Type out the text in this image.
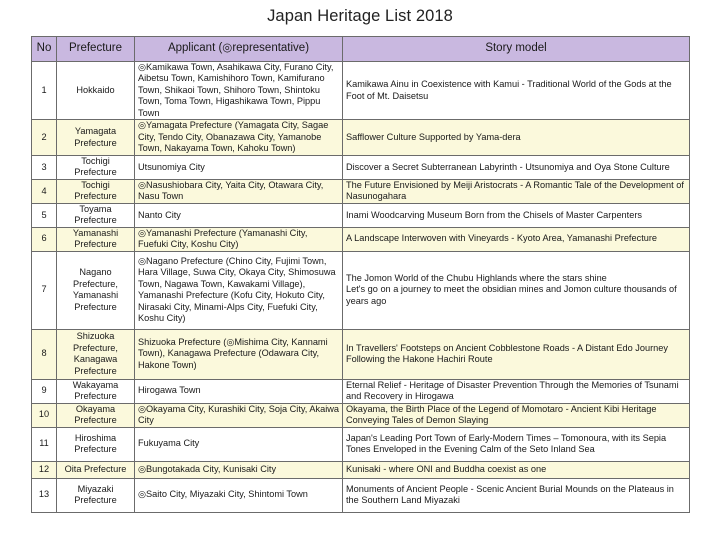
Japan Heritage List 2018
No	Prefecture	Applicant (◎representative)	Story model
1	Hokkaido	◎Kamikawa Town, Asahikawa City, Furano City, Aibetsu Town, Kamishihoro Town, Kamifurano Town, Shikaoi Town, Shihoro Town, Shintoku Town, Toma Town, Higashikawa Town, Pippu Town	Kamikawa Ainu in Coexistence with Kamui - Traditional World of the Gods at the Foot of Mt. Daisetsu

2	Yamagata Prefecture	◎Yamagata Prefecture (Yamagata City, Sagae City, Tendo City, Obanazawa City, Yamanobe Town, Nakayama Town, Kahoku Town)	Safflower Culture Supported by Yama-dera

3	Tochigi Prefecture	Utsunomiya City	Discover a Secret Subterranean Labyrinth - Utsunomiya and Oya Stone Culture

4	Tochigi Prefecture	◎Nasushiobara City, Yaita City, Otawara City, Nasu Town	The Future Envisioned by Meiji Aristocrats - A Romantic Tale of the Development of Nasunogahara

5	Toyama Prefecture	Nanto City	Inami Woodcarving Museum Born from the Chisels of Master Carpenters

6	Yamanashi Prefecture	◎Yamanashi Prefecture (Yamanashi City, Fuefuki City, Koshu City)	A Landscape Interwoven with Vineyards - Kyoto Area, Yamanashi Prefecture

7	Nagano Prefecture, Yamanashi Prefecture	◎Nagano Prefecture (Chino City, Fujimi Town, Hara Village, Suwa City, Okaya City, Shimosuwa Town, Nagawa Town, Kawakami Village), Yamanashi Prefecture (Kofu City, Hokuto City, Nirasaki City, Minami-Alps City, Fuefuki City, Koshu City)	The Jomon World of the Chubu Highlands where the stars shine
Let's go on a journey to meet the obsidian mines and Jomon culture thousands of years ago

8	Shizuoka Prefecture, Kanagawa Prefecture	Shizuoka Prefecture (◎Mishima City, Kannami Town), Kanagawa Prefecture (Odawara City, Hakone Town)	In Travellers' Footsteps on Ancient Cobblestone Roads - A Distant Edo Journey Following the Hakone Hachiri Route

9	Wakayama Prefecture	Hirogawa Town	Eternal Relief - Heritage of Disaster Prevention Through the Memories of Tsunami and Recovery in Hirogawa

10	Okayama Prefecture	◎Okayama City, Kurashiki City, Soja City, Akaiwa City	Okayama, the Birth Place of the Legend of Momotaro - Ancient Kibi Heritage Conveying Tales of Demon Slaying

11	Hiroshima Prefecture	Fukuyama City	Japan's Leading Port Town of Early-Modern Times – Tomonoura, with its Sepia Tones Enveloped in the Evening Calm of the Seto Inland Sea

12	Oita Prefecture	◎Bungotakada City, Kunisaki City	Kunisaki - where ONI and Buddha coexist as one

13	Miyazaki Prefecture	◎Saito City, Miyazaki City, Shintomi Town	Monuments of Ancient People - Scenic Ancient Burial Mounds on the Plateaus in the Southern Land Miyazaki
